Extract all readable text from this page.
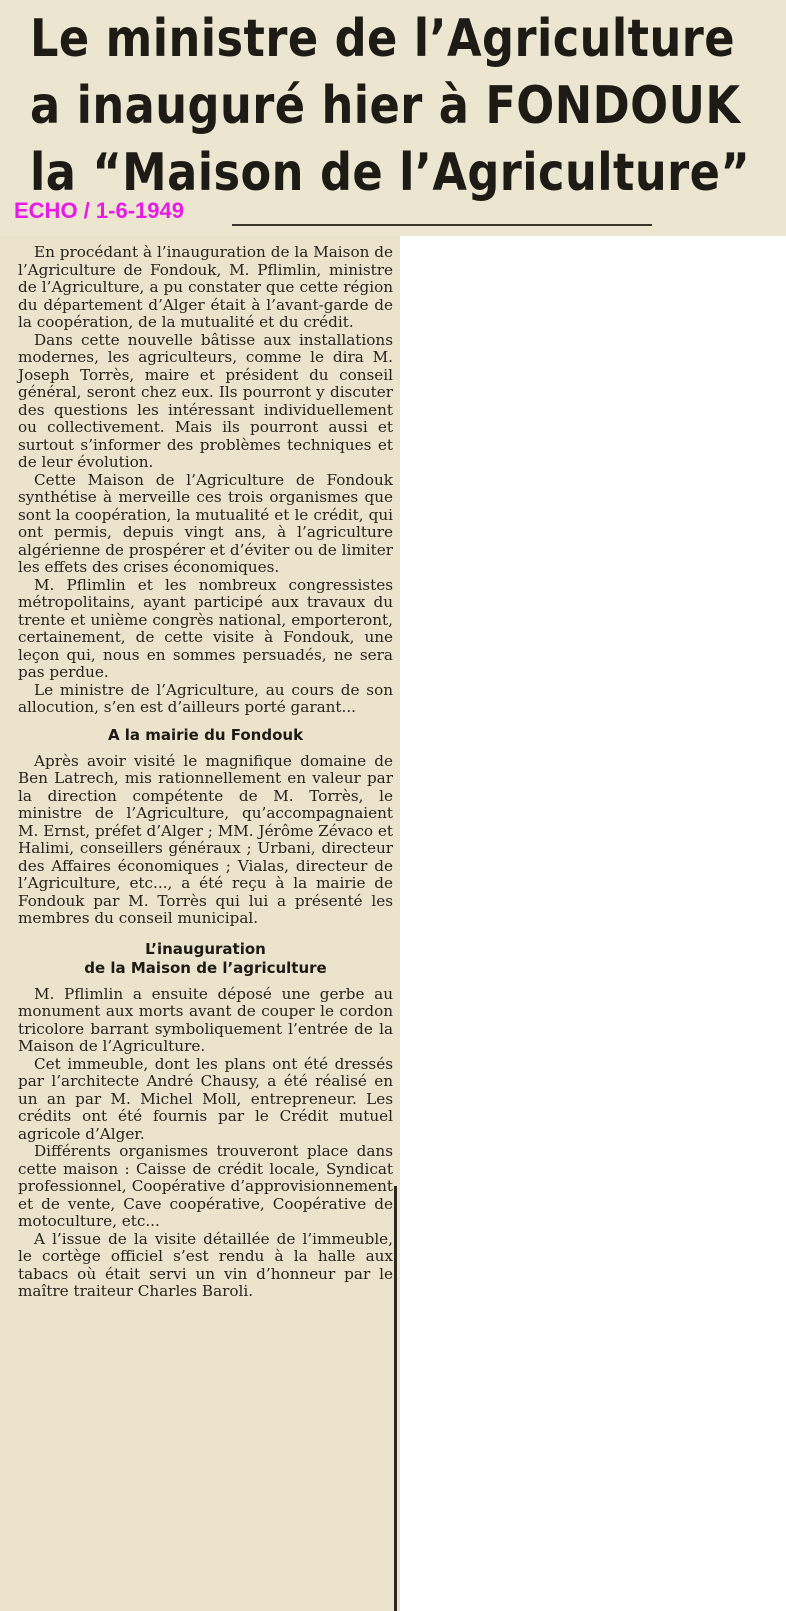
Le ministre de l’Agriculture
a inauguré hier à FONDOUK
la “Maison de l’Agriculture”
ECHO / 1-6-1949

En procédant à l’inauguration de la Maison de l’Agriculture de Fondouk, M. Pflimlin, ministre de l’Agriculture, a pu constater que cette région du département d’Alger était à l’avant-garde de la coopération, de la mutualité et du crédit.

Dans cette nouvelle bâtisse aux installations modernes, les agriculteurs, comme le dira M. Joseph Torrès, maire et président du conseil général, seront chez eux. Ils pourront y discuter des questions les intéressant individuellement ou collectivement. Mais ils pourront aussi et surtout s’informer des problèmes techniques et de leur évolution.

Cette Maison de l’Agriculture de Fondouk synthétise à merveille ces trois organismes que sont la coopération, la mutualité et le crédit, qui ont permis, depuis vingt ans, à l’agriculture algérienne de prospérer et d’éviter ou de limiter les effets des crises économiques.

M. Pflimlin et les nombreux congressistes métropolitains, ayant participé aux travaux du trente et unième congrès national, emporteront, certainement, de cette visite à Fondouk, une leçon qui, nous en sommes persuadés, ne sera pas perdue.

Le ministre de l’Agriculture, au cours de son allocution, s’en est d’ailleurs porté garant...

A la mairie du Fondouk

Après avoir visité le magnifique domaine de Ben Latrech, mis rationnellement en valeur par la direction compétente de M. Torrès, le ministre de l’Agriculture, qu’accompagnaient M. Ernst, préfet d’Alger ; MM. Jérôme Zévaco et Halimi, conseillers généraux ; Urbani, directeur des Affaires économiques ; Vialas, directeur de l’Agriculture, etc..., a été reçu à la mairie de Fondouk par M. Torrès qui lui a présenté les membres du conseil municipal.

L’inauguration
de la Maison de l’agriculture

M. Pflimlin a ensuite déposé une gerbe au monument aux morts avant de couper le cordon tricolore barrant symboliquement l’entrée de la Maison de l’Agriculture.

Cet immeuble, dont les plans ont été dressés par l’architecte André Chausy, a été réalisé en un an par M. Michel Moll, entrepreneur. Les crédits ont été fournis par le Crédit mutuel agricole d’Alger.

Différents organismes trouveront place dans cette maison : Caisse de crédit locale, Syndicat professionnel, Coopérative d’approvisionnement et de vente, Cave coopérative, Coopérative de motoculture, etc...

A l’issue de la visite détaillée de l’immeuble, le cortège officiel s’est rendu à la halle aux tabacs où était servi un vin d’honneur par le maître traiteur Charles Baroli.
